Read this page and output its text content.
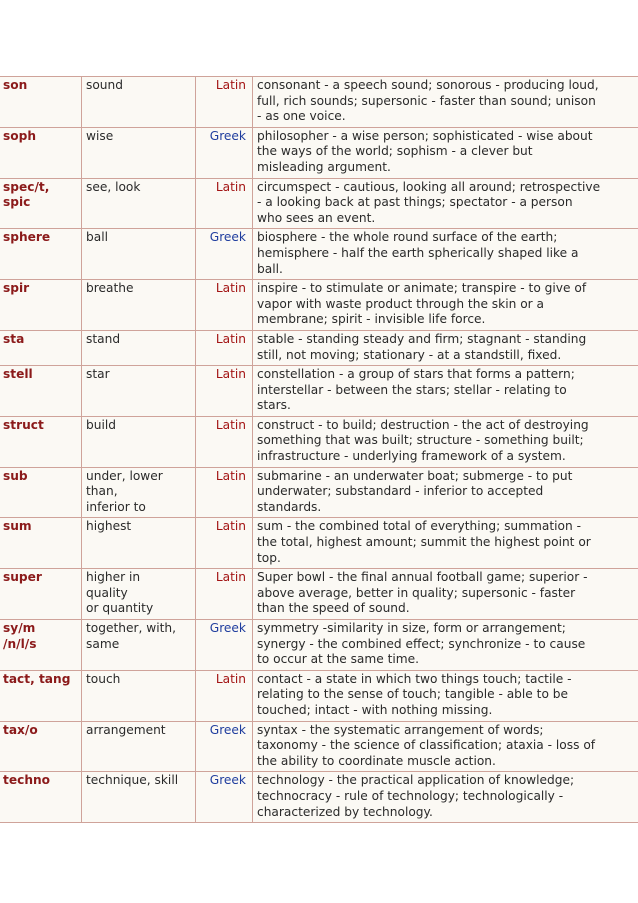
son	sound	Latin	consonant - a speech sound; sonorous - producing loud,
full, rich sounds; supersonic - faster than sound; unison
- as one voice.

soph	wise	Greek	philosopher - a wise person; sophisticated - wise about
the ways of the world; sophism - a clever but
misleading argument.

spec/t,
spic	see, look	Latin	circumspect - cautious, looking all around; retrospective
- a looking back at past things; spectator - a person
who sees an event.

sphere	ball	Greek	biosphere - the whole round surface of the earth;
hemisphere - half the earth spherically shaped like a
ball.

spir	breathe	Latin	inspire - to stimulate or animate; transpire - to give of
vapor with waste product through the skin or a
membrane; spirit - invisible life force.

sta	stand	Latin	stable - standing steady and firm; stagnant - standing
still, not moving; stationary - at a standstill, fixed.

stell	star	Latin	constellation - a group of stars that forms a pattern;
interstellar - between the stars; stellar - relating to
stars.

struct	build	Latin	construct - to build; destruction - the act of destroying
something that was built; structure - something built;
infrastructure - underlying framework of a system.

sub	under, lower
than,
inferior to	Latin	submarine - an underwater boat; submerge - to put
underwater; substandard - inferior to accepted
standards.

sum	highest	Latin	sum - the combined total of everything; summation -
the total, highest amount; summit the highest point or
top.

super	higher in
quality
or quantity	Latin	Super bowl - the final annual football game; superior -
above average, better in quality; supersonic - faster
than the speed of sound.

sy/m
/n/l/s	together, with,
same	Greek	symmetry -similarity in size, form or arrangement;
synergy - the combined effect; synchronize - to cause
to occur at the same time.

tact, tang	touch	Latin	contact - a state in which two things touch; tactile -
relating to the sense of touch; tangible - able to be
touched; intact - with nothing missing.

tax/o	arrangement	Greek	syntax - the systematic arrangement of words;
taxonomy - the science of classification; ataxia - loss of
the ability to coordinate muscle action.

techno	technique, skill	Greek	technology - the practical application of knowledge;
technocracy - rule of technology; technologically -
characterized by technology.
